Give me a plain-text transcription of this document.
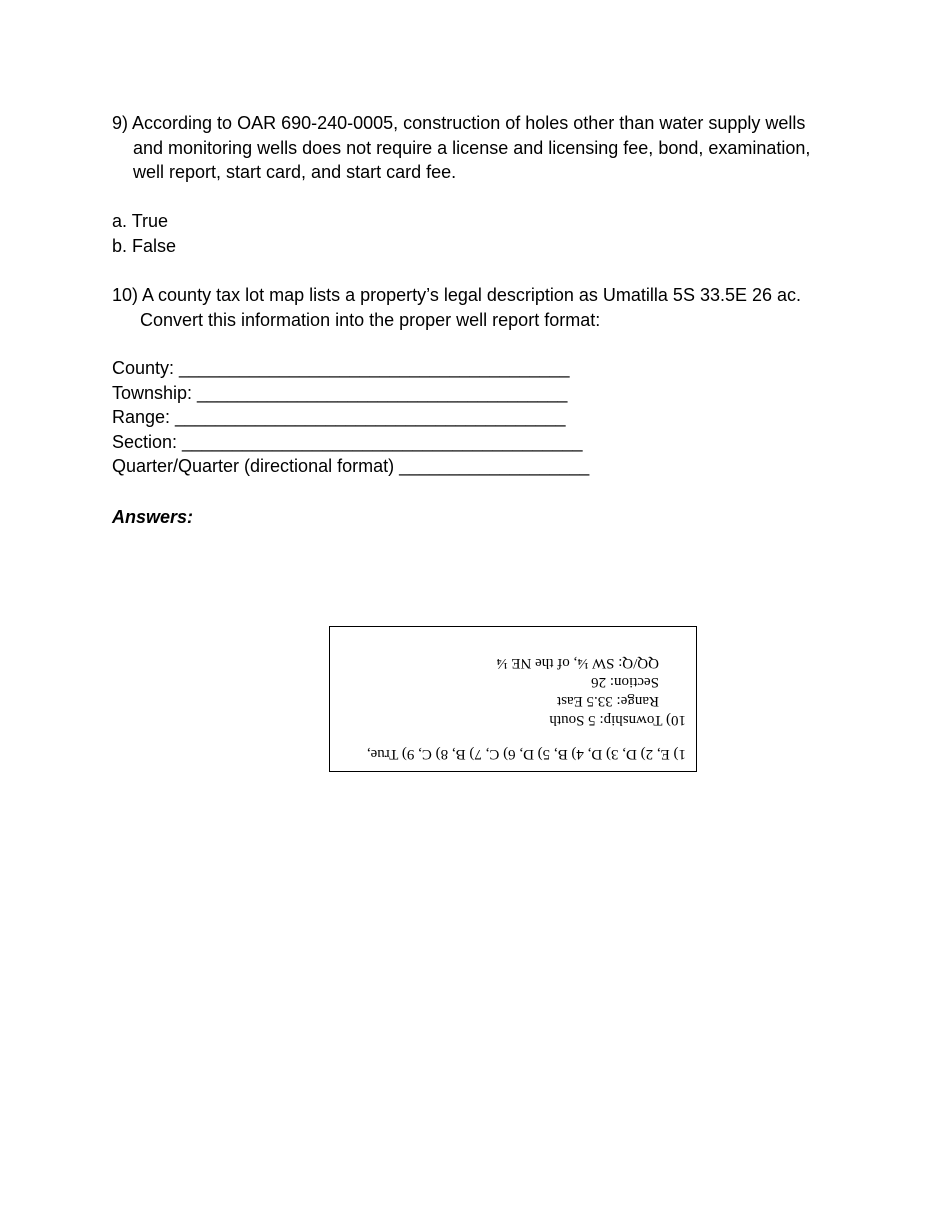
9) According to OAR 690-240-0005, construction of holes other than water supply wells
and monitoring wells does not require a license and licensing fee, bond, examination,
well report, start card, and start card fee.
a. True
b. False
10) A county tax lot map lists a property’s legal description as Umatilla 5S 33.5E 26 ac.
Convert this information into the proper well report format:
County: _______________________________________
Township: _____________________________________
Range: _______________________________________
Section: ________________________________________
Quarter/Quarter (directional format) ___________________
Answers:
1) E, 2) D, 3) D, 4) B, 5) D, 6) C, 7) B, 8) C, 9) True,
10) Township: 5 South
Range: 33.5 East
Section: 26
QQ/Q: SW ¼, of the NE ¼
